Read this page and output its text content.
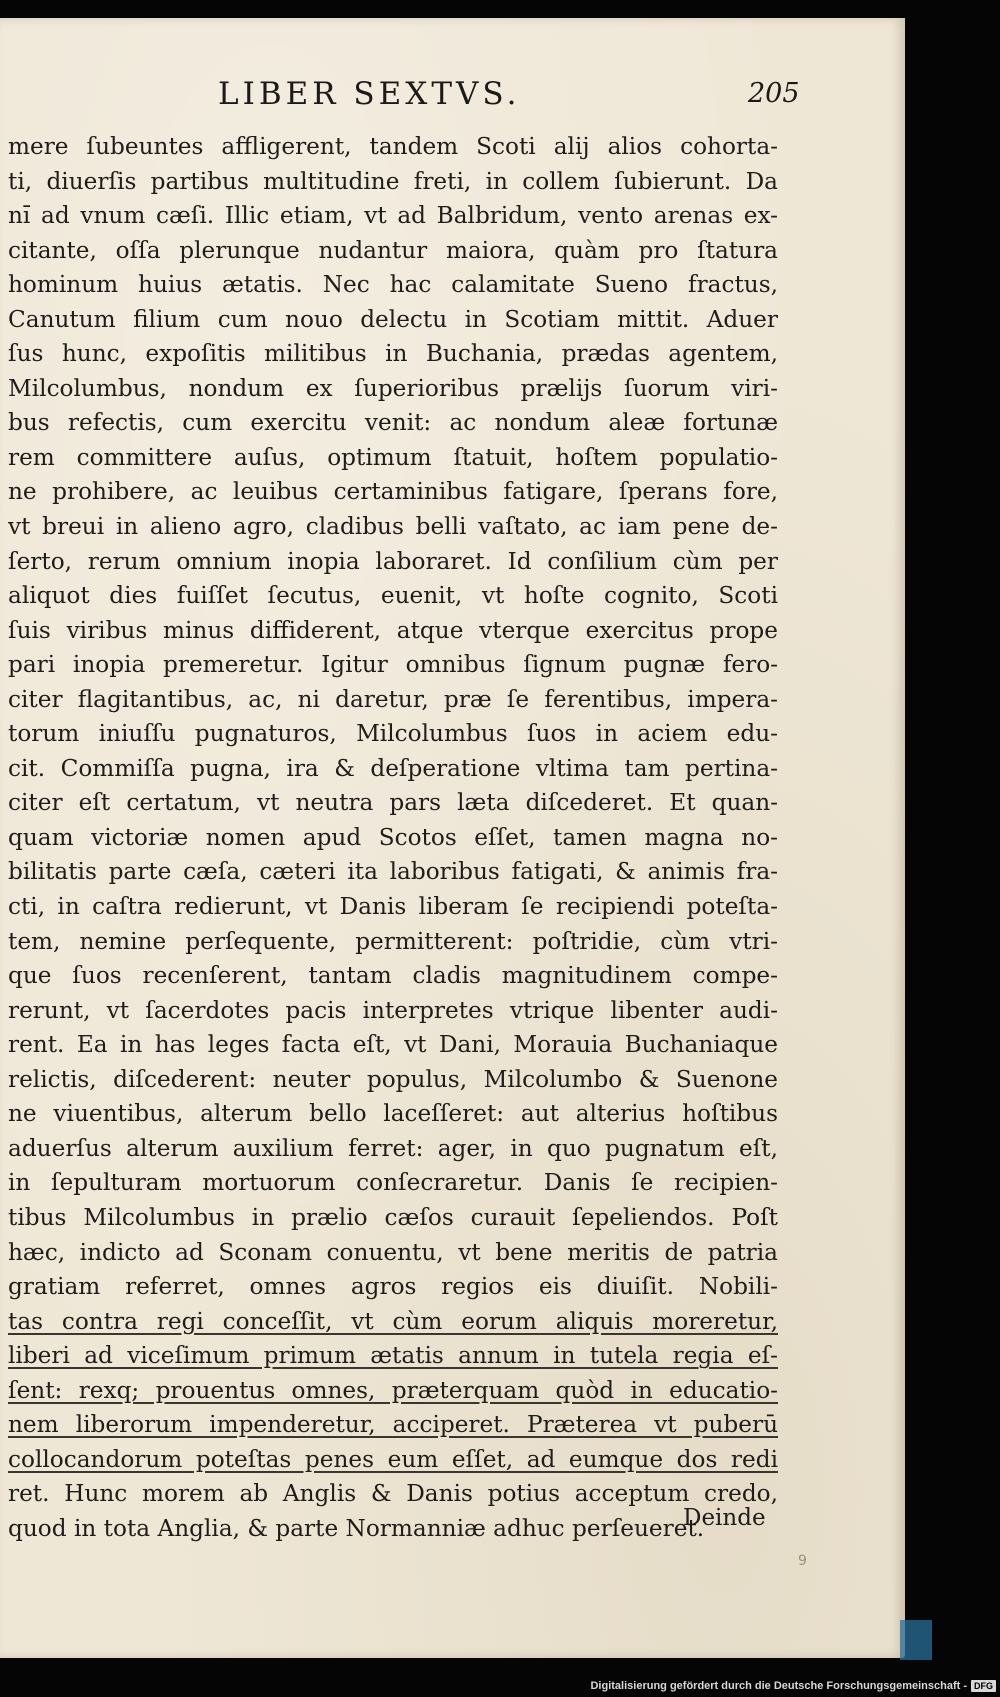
LIBER SEXTVS.	205
mere ſubeuntes affligerent, tandem Scoti alij alios cohorta-
ti, diuerſis partibus multitudine freti, in collem ſubierunt. Da
nı̄ ad vnum cæſi. Illic etiam, vt ad Balbridum, vento arenas ex-
citante, oſſa plerunque nudantur maiora, quàm pro ſtatura
hominum huius ætatis. Nec hac calamitate Sueno fractus,
Canutum filium cum nouo delectu in Scotiam mittit. Aduer
ſus hunc, expoſitis militibus in Buchania, prædas agentem,
Milcolumbus, nondum ex ſuperioribus prælijs ſuorum viri-
bus refectis, cum exercitu venit: ac nondum aleæ fortunæ
rem committere auſus, optimum ſtatuit, hoſtem populatio-
ne prohibere, ac leuibus certaminibus fatigare, ſperans fore,
vt breui in alieno agro, cladibus belli vaſtato, ac iam pene de-
ſerto, rerum omnium inopia laboraret. Id conſilium cùm per
aliquot dies fuiſſet ſecutus, euenit, vt hoſte cognito, Scoti
ſuis viribus minus diffiderent, atque vterque exercitus prope
pari inopia premeretur. Igitur omnibus ſignum pugnæ fero-
citer flagitantibus, ac, ni daretur, præ ſe ferentibus, impera-
torum iniuſſu pugnaturos, Milcolumbus ſuos in aciem edu-
cit. Commiſſa pugna, ira & deſperatione vltima tam pertina-
citer eſt certatum, vt neutra pars læta diſcederet. Et quan-
quam victoriæ nomen apud Scotos eſſet, tamen magna no-
bilitatis parte cæſa, cæteri ita laboribus fatigati, & animis fra-
cti, in caſtra redierunt, vt Danis liberam ſe recipiendi poteſta-
tem, nemine perſequente, permitterent: poſtridie, cùm vtri-
que ſuos recenſerent, tantam cladis magnitudinem compe-
rerunt, vt ſacerdotes pacis interpretes vtrique libenter audi-
rent. Ea in has leges facta eſt, vt Dani, Morauia Buchaniaque
relictis, diſcederent: neuter populus, Milcolumbo & Suenone
ne viuentibus, alterum bello laceſſeret: aut alterius hoſtibus
aduerſus alterum auxilium ferret: ager, in quo pugnatum eſt,
in ſepulturam mortuorum conſecraretur. Danis ſe recipien-
tibus Milcolumbus in prælio cæſos curauit ſepeliendos. Poſt
hæc, indicto ad Sconam conuentu, vt bene meritis de patria
gratiam referret, omnes agros regios eis diuiſit. Nobili-
tas contra regi conceſſit, vt cùm eorum aliquis moreretur,
liberi ad viceſimum primum ætatis annum in tutela regia eſ-
ſent: rexq; prouentus omnes, præterquam quòd in educatio-
nem liberorum impenderetur, acciperet. Præterea vt puberū
collocandorum poteſtas penes eum eſſet, ad eumque dos redi
ret. Hunc morem ab Anglis & Danis potius acceptum credo,
quod in tota Anglia, & parte Normanniæ adhuc perſeueret.
Deinde
9
Digitalisierung gefördert durch die Deutsche Forschungsgemeinschaft - DFG
